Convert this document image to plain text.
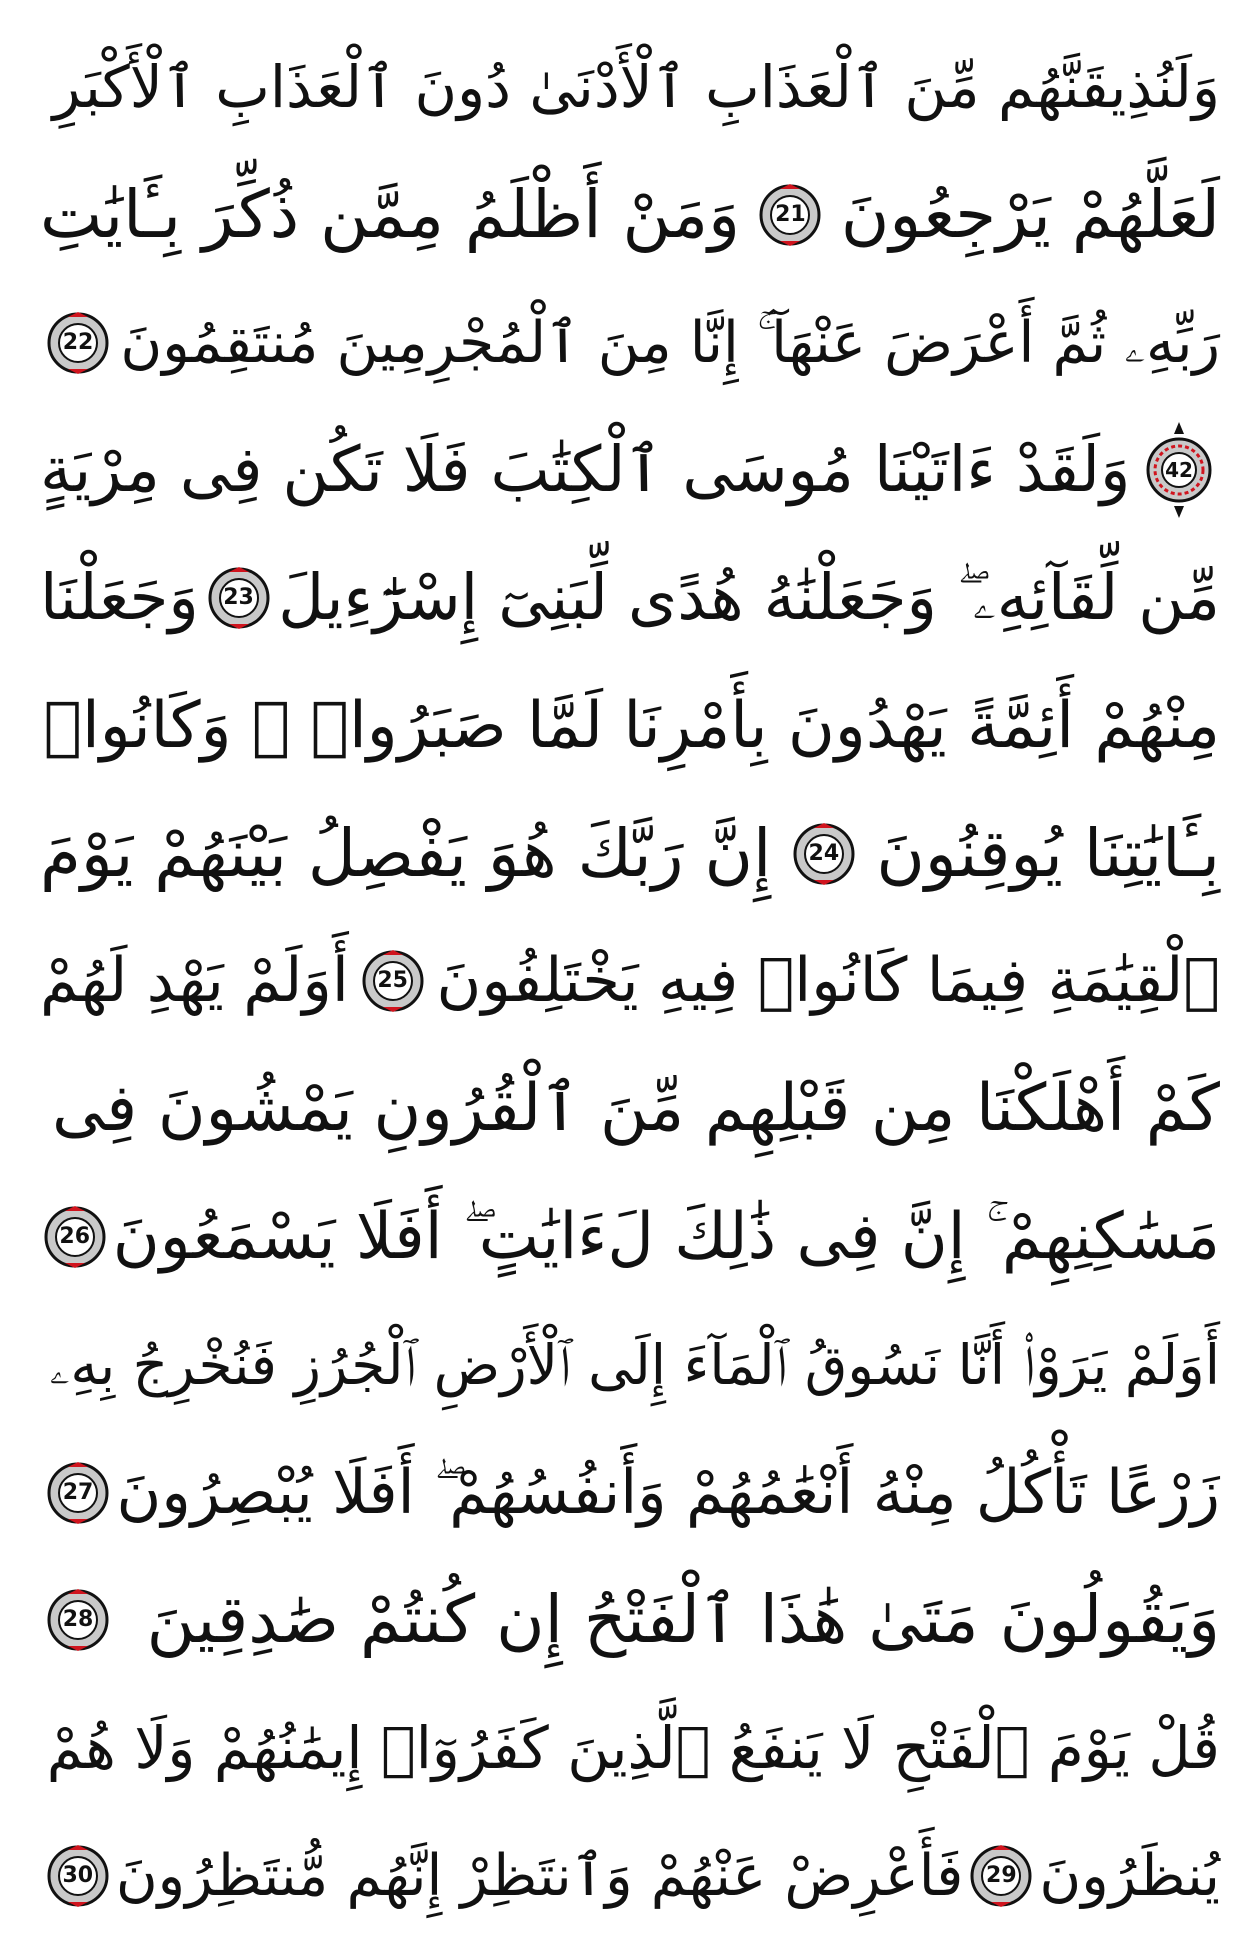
وَلَنُذِيقَنَّهُم مِّنَ ٱلْعَذَابِ ٱلْأَدْنَىٰ دُونَ ٱلْعَذَابِ ٱلْأَكْبَرِ
لَعَلَّهُمْ يَرْجِعُونَ
21
وَمَنْ أَظْلَمُ مِمَّن ذُكِّرَ بِـَٔايَٰتِ
رَبِّهِۦ ثُمَّ أَعْرَضَ عَنْهَآ ۚ إِنَّا مِنَ ٱلْمُجْرِمِينَ مُنتَقِمُونَ
22
42
وَلَقَدْ ءَاتَيْنَا مُوسَى ٱلْكِتَٰبَ فَلَا تَكُن فِى مِرْيَةٍ
مِّن لِّقَآئِهِۦ ۖ وَجَعَلْنَٰهُ هُدًى لِّبَنِىٓ إِسْرَٰٓءِيلَ
23
وَجَعَلْنَا
مِنْهُمْ أَئِمَّةً يَهْدُونَ بِأَمْرِنَا لَمَّا صَبَرُوا۟ ۖ وَكَانُوا۟
بِـَٔايَٰتِنَا يُوقِنُونَ
24
إِنَّ رَبَّكَ هُوَ يَفْصِلُ بَيْنَهُمْ يَوْمَ
ٱلْقِيَٰمَةِ فِيمَا كَانُوا۟ فِيهِ يَخْتَلِفُونَ
25
أَوَلَمْ يَهْدِ لَهُمْ
كَمْ أَهْلَكْنَا مِن قَبْلِهِم مِّنَ ٱلْقُرُونِ يَمْشُونَ فِى
مَسَٰكِنِهِمْ ۚ إِنَّ فِى ذَٰلِكَ لَءَايَٰتٍ ۖ أَفَلَا يَسْمَعُونَ
26
أَوَلَمْ يَرَوْا۟ أَنَّا نَسُوقُ ٱلْمَآءَ إِلَى ٱلْأَرْضِ ٱلْجُرُزِ فَنُخْرِجُ بِهِۦ
زَرْعًا تَأْكُلُ مِنْهُ أَنْعَٰمُهُمْ وَأَنفُسُهُمْ ۖ أَفَلَا يُبْصِرُونَ
27
وَيَقُولُونَ مَتَىٰ هَٰذَا ٱلْفَتْحُ إِن كُنتُمْ صَٰدِقِينَ
28
قُلْ يَوْمَ ٱلْفَتْحِ لَا يَنفَعُ ٱلَّذِينَ كَفَرُوٓا۟ إِيمَٰنُهُمْ وَلَا هُمْ
يُنظَرُونَ
29
فَأَعْرِضْ عَنْهُمْ وَٱنتَظِرْ إِنَّهُم مُّنتَظِرُونَ
30
